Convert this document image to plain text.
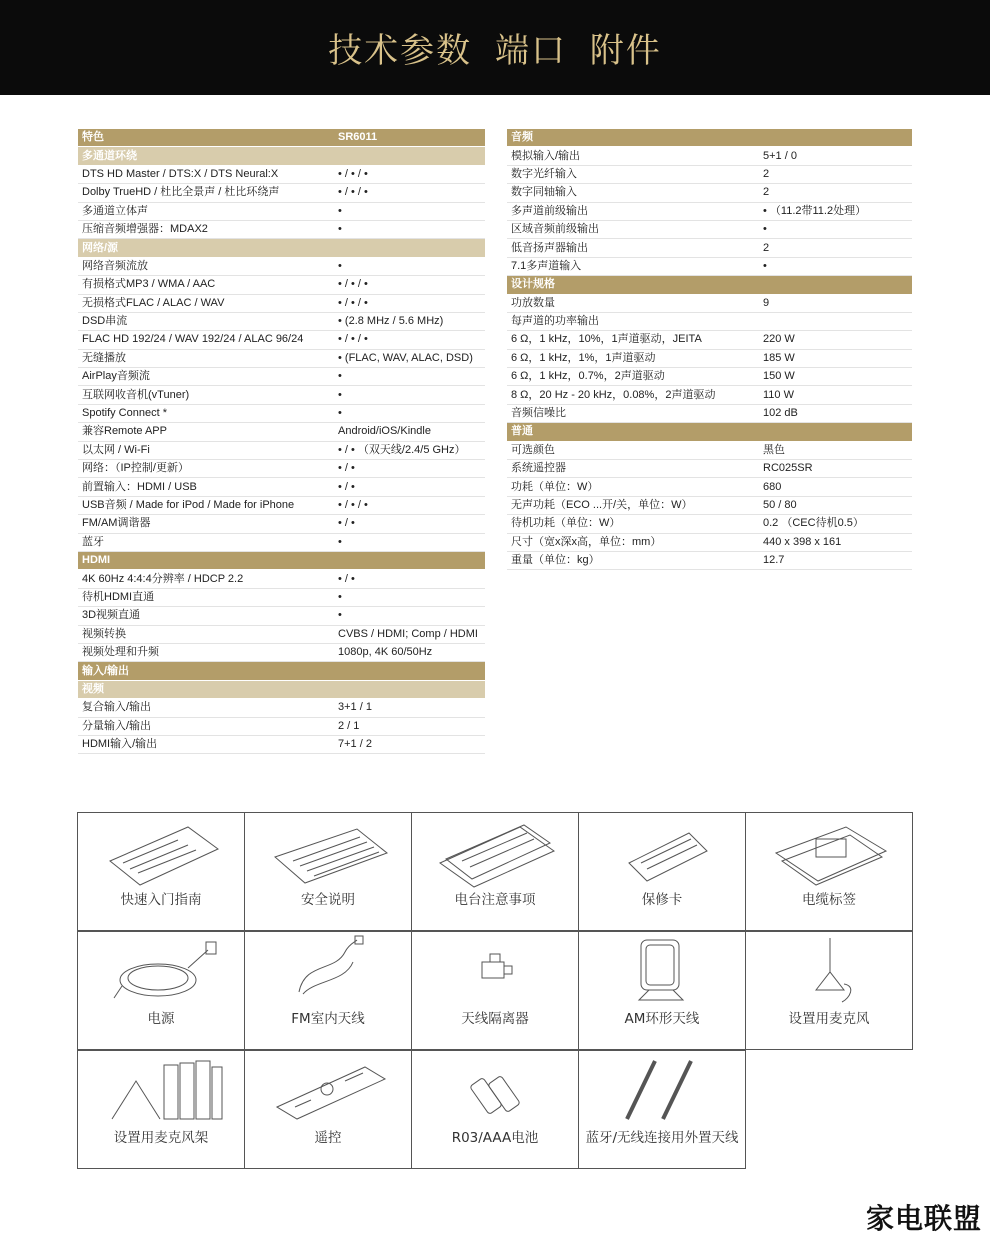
技术参数 端口 附件
特色	SR6011
多通道环绕
DTS HD Master / DTS:X / DTS Neural:X	• / • / •
Dolby TrueHD / 杜比全景声 / 杜比环绕声	• / • / •
多通道立体声	•
压缩音频增强器：MDAX2	•
网络/源
网络音频流放	•
有损格式MP3 / WMA / AAC	• / • / •
无损格式FLAC / ALAC / WAV	• / • / •
DSD串流	• (2.8 MHz / 5.6 MHz)
FLAC HD 192/24 / WAV 192/24 / ALAC 96/24	• / • / •
无缝播放	• (FLAC, WAV, ALAC, DSD)
AirPlay音频流	•
互联网收音机(vTuner)	•
Spotify Connect *	•
兼容Remote APP	Android/iOS/Kindle
以太网 / Wi-Fi	• / • （双天线/2.4/5 GHz）
网络：（IP控制/更新）	• / •
前置输入：HDMI / USB	• / •
USB音频 / Made for iPod / Made for iPhone	• / • / •
FM/AM调谐器	• / •
蓝牙	•
HDMI
4K 60Hz 4:4:4分辨率 / HDCP 2.2	• / •
待机HDMI直通	•
3D视频直通	•
视频转换	CVBS / HDMI; Comp / HDMI
视频处理和升频	1080p, 4K 60/50Hz
输入/输出
视频
复合输入/输出	3+1 / 1
分量输入/输出	2 / 1
HDMI输入/输出	7+1 / 2
音频
模拟输入/输出	5+1 / 0
数字光纤输入	2
数字同轴输入	2
多声道前级输出	• （11.2带11.2处理）
区域音频前级输出	•
低音扬声器输出	2
7.1多声道输入	•
设计规格
功放数量	9
每声道的功率输出
6 Ω，1 kHz，10%，1声道驱动，JEITA	220 W
6 Ω，1 kHz，1%，1声道驱动	185 W
6 Ω，1 kHz，0.7%，2声道驱动	150 W
8 Ω，20 Hz - 20 kHz，0.08%，2声道驱动	110 W
音频信噪比	102 dB
普通
可选颜色	黑色
系统遥控器	RC025SR
功耗（单位：W）	680
无声功耗（ECO ...开/关，单位：W）	50 / 80
待机功耗（单位：W）	0.2 （CEC待机0.5）
尺寸（宽x深x高，单位：mm）	440 x 398 x 161
重量（单位：kg）	12.7
快速入门指南	安全说明	电台注意事项	保修卡	电缆标签
电源	FM室内天线	天线隔离器	AM环形天线	设置用麦克风
设置用麦克风架	遥控	R03/AAA电池	蓝牙/无线连接用外置天线
家电联盟
